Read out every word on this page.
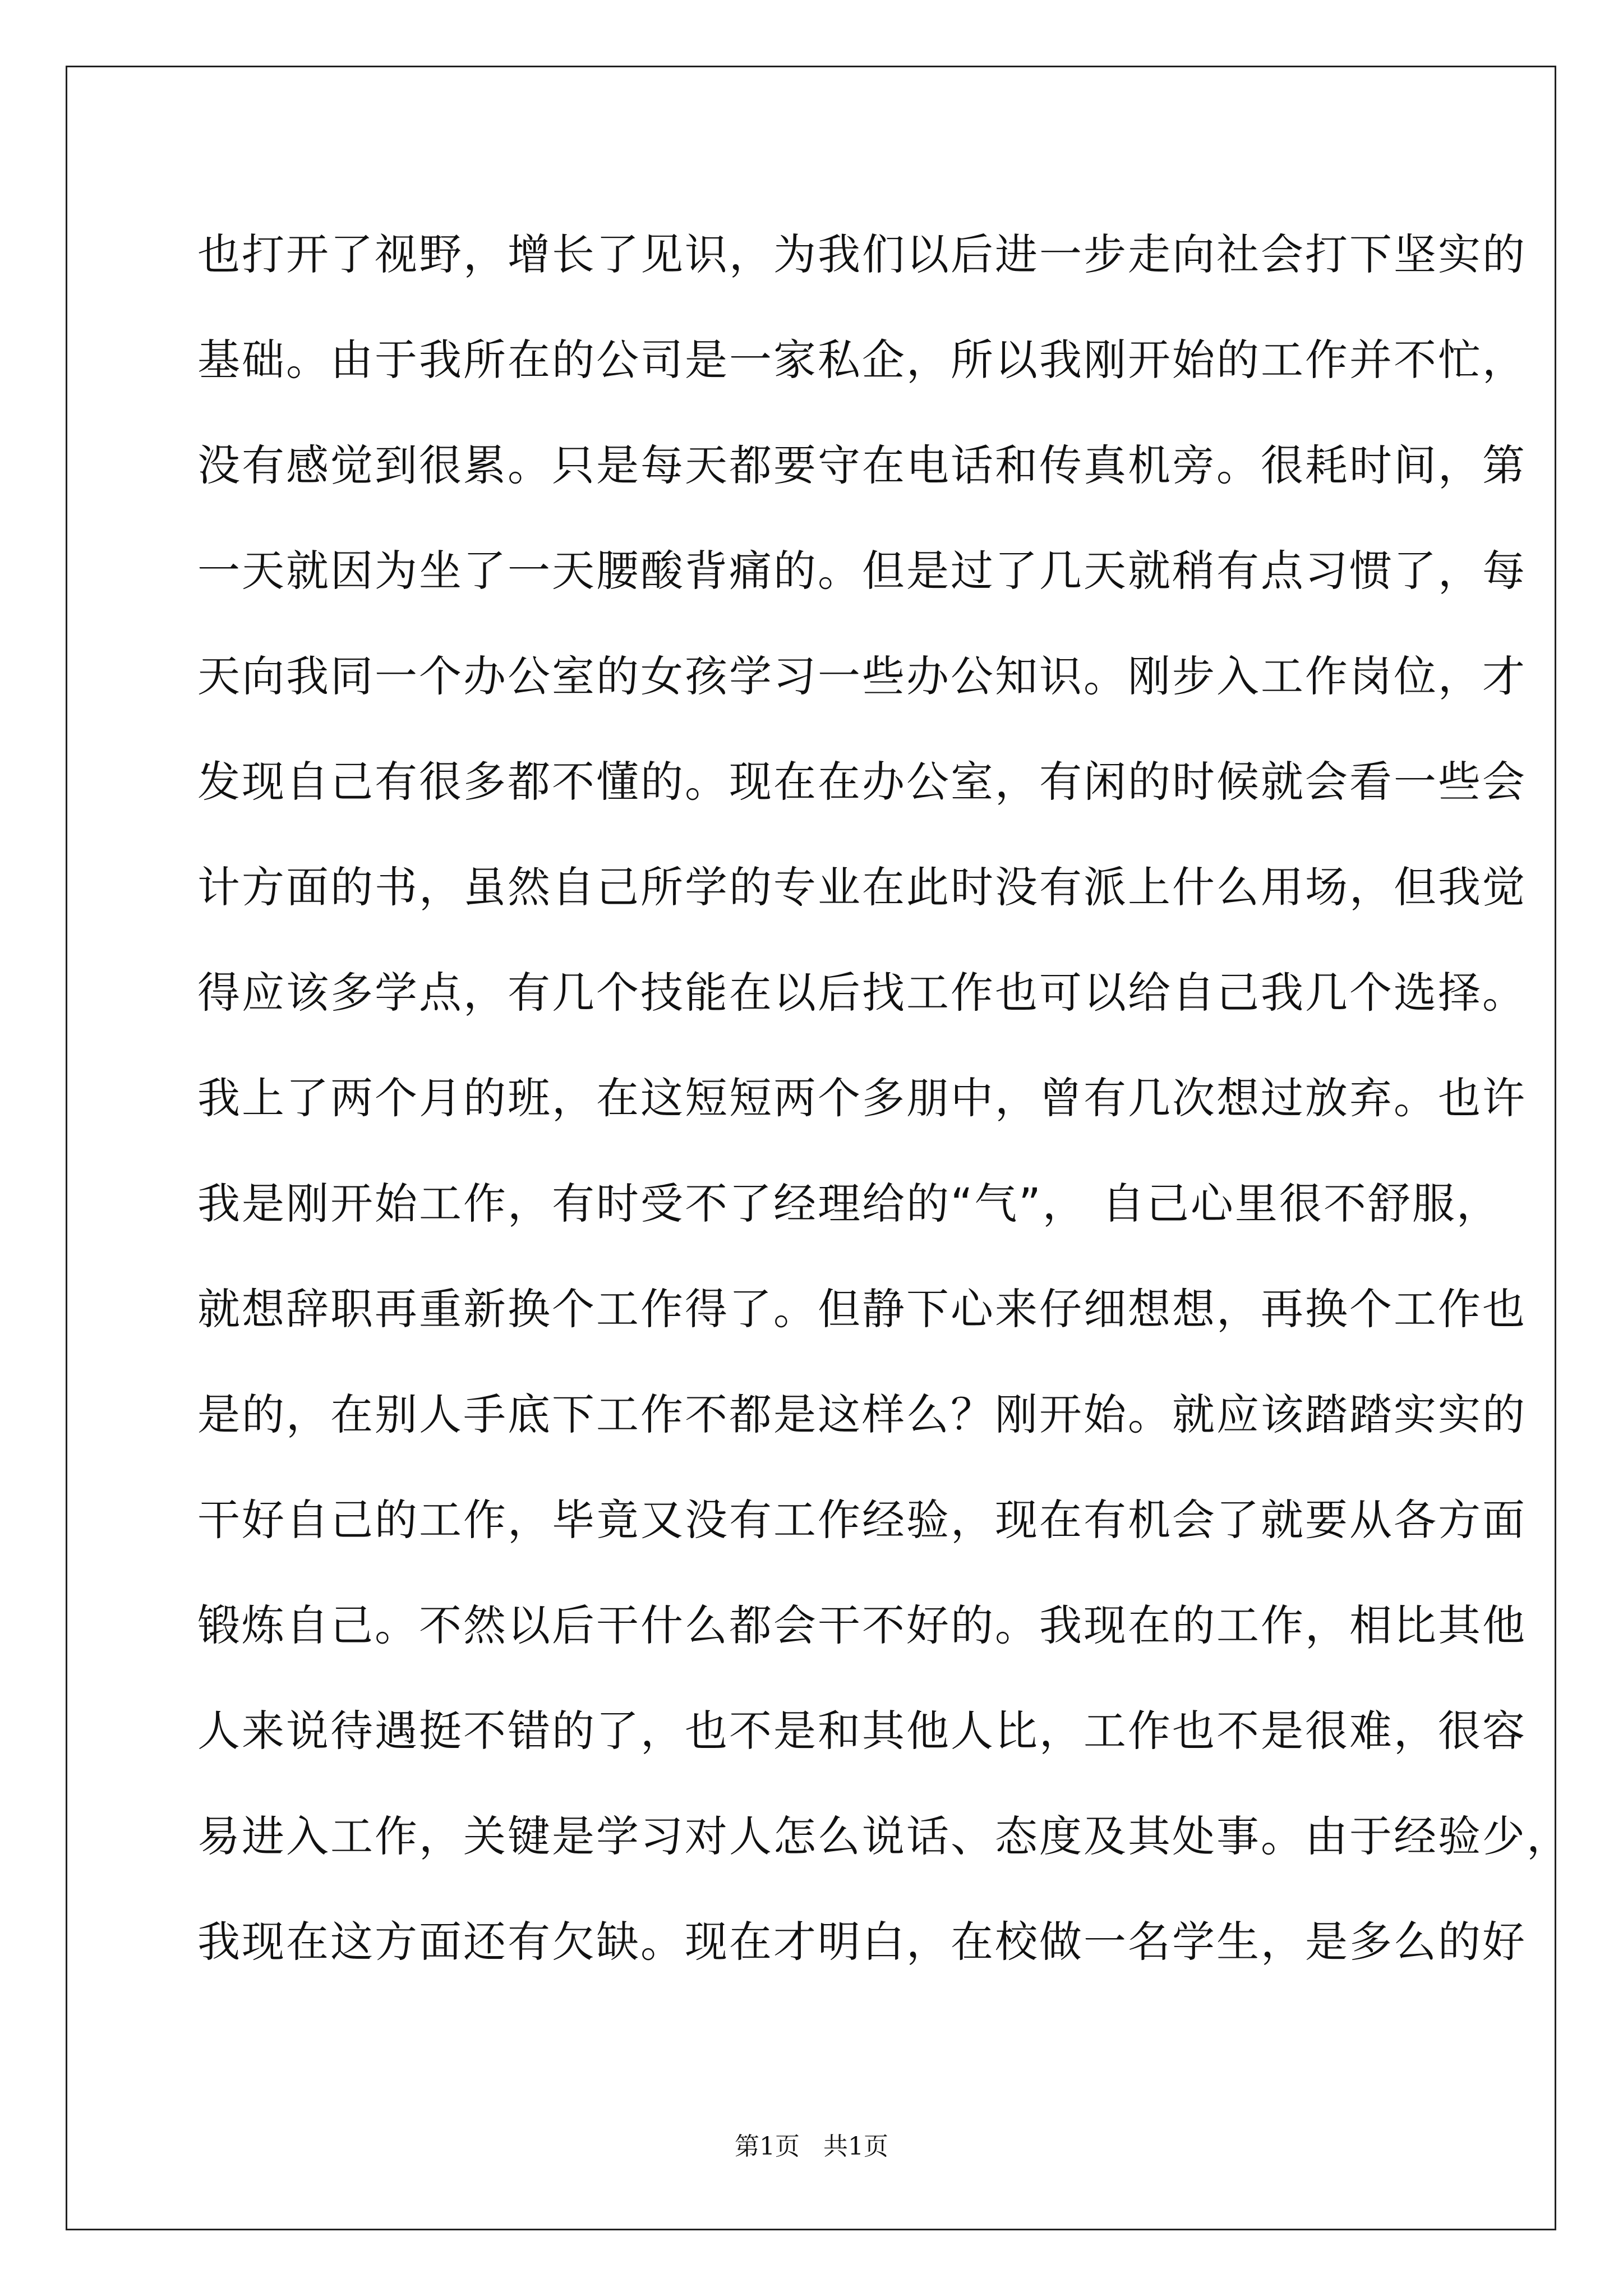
也打开了视野，增长了见识，为我们以后进一步走向社会打下坚实的
基础。由于我所在的公司是一家私企，所以我刚开始的工作并不忙，
没有感觉到很累。只是每天都要守在电话和传真机旁。很耗时间，第
一天就因为坐了一天腰酸背痛的。但是过了几天就稍有点习惯了，每
天向我同一个办公室的女孩学习一些办公知识。刚步入工作岗位，才
发现自己有很多都不懂的。现在在办公室，有闲的时候就会看一些会
计方面的书，虽然自己所学的专业在此时没有派上什么用场，但我觉
得应该多学点，有几个技能在以后找工作也可以给自己我几个选择。
我上了两个月的班，在这短短两个多朋中，曾有几次想过放弃。也许
我是刚开始工作，有时受不了经理给的“气”， 自己心里很不舒服，
就想辞职再重新换个工作得了。但静下心来仔细想想，再换个工作也
是的，在别人手底下工作不都是这样么？刚开始。就应该踏踏实实的
干好自己的工作，毕竟又没有工作经验，现在有机会了就要从各方面
锻炼自己。不然以后干什么都会干不好的。我现在的工作，相比其他
人来说待遇挺不错的了，也不是和其他人比，工作也不是很难，很容
易进入工作，关键是学习对人怎么说话、态度及其处事。由于经验少，
我现在这方面还有欠缺。现在才明白，在校做一名学生，是多么的好
第1页 共1页
